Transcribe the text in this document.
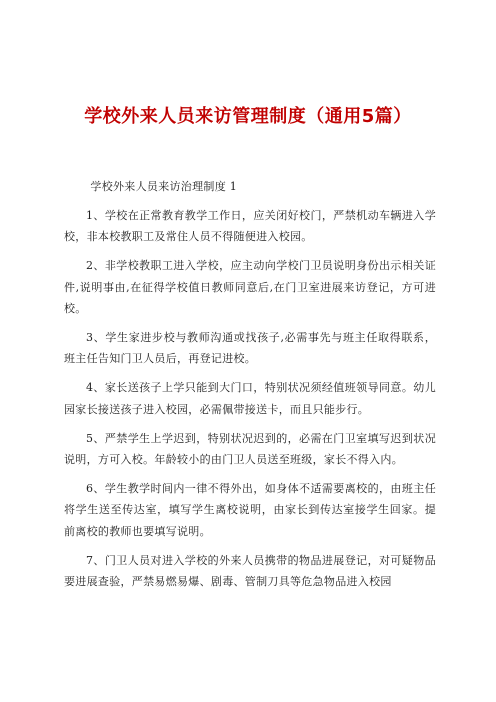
学校外来人员来访管理制度（通用5篇）

学校外来人员来访治理制度 1

1、学校在正常教育教学工作日，应关闭好校门，严禁机动车辆进入学校，非本校教职工及常住人员不得随便进入校园。

2、非学校教职工进入学校，应主动向学校门卫员说明身份出示相关证件,说明事由,在征得学校值日教师同意后,在门卫室进展来访登记，方可进校。

3、学生家进步校与教师沟通或找孩子,必需事先与班主任取得联系，班主任告知门卫人员后，再登记进校。

4、家长送孩子上学只能到大门口，特别状况须经值班领导同意。幼儿园家长接送孩子进入校园，必需佩带接送卡，而且只能步行。

5、严禁学生上学迟到，特别状况迟到的，必需在门卫室填写迟到状况说明，方可入校。年龄较小的由门卫人员送至班级，家长不得入内。

6、学生教学时间内一律不得外出，如身体不适需要离校的，由班主任将学生送至传达室，填写学生离校说明，由家长到传达室接学生回家。提前离校的教师也要填写说明。

7、门卫人员对进入学校的外来人员携带的物品进展登记，对可疑物品要进展查验，严禁易燃易爆、剧毒、管制刀具等危急物品进入校园
